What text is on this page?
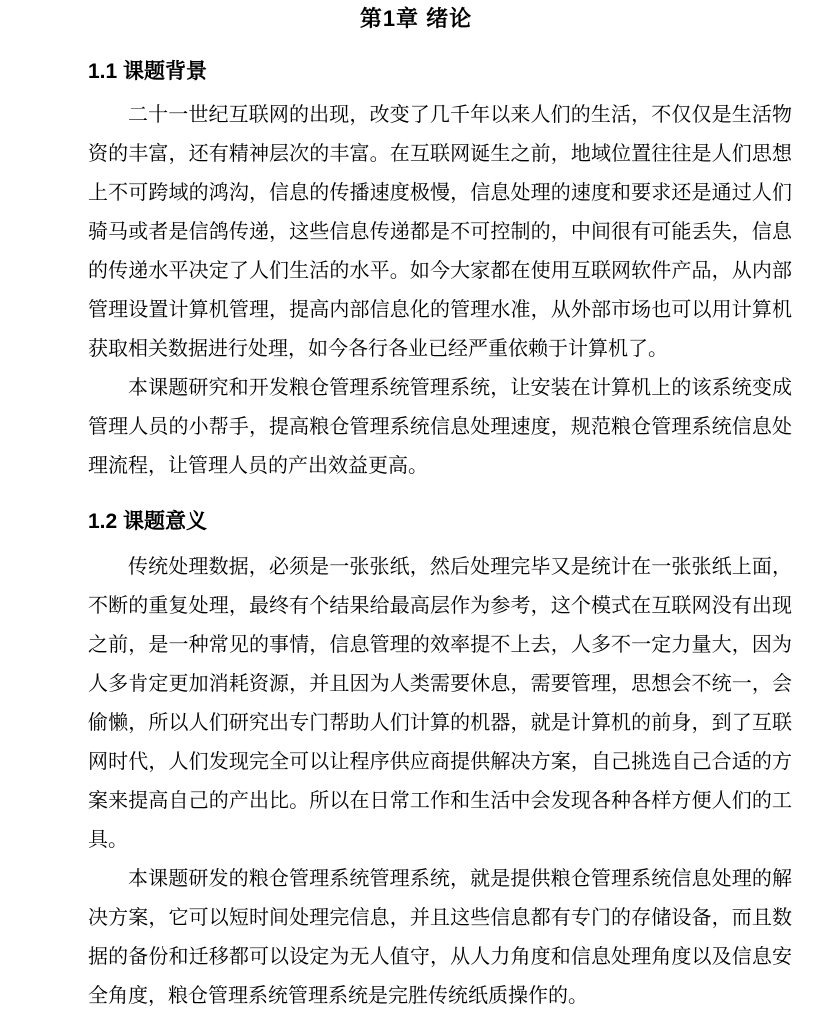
第1章 绪论
1.1 课题背景

二十一世纪互联网的出现，改变了几千年以来人们的生活，不仅仅是生活物资的丰富，还有精神层次的丰富。在互联网诞生之前，地域位置往往是人们思想上不可跨域的鸿沟，信息的传播速度极慢，信息处理的速度和要求还是通过人们骑马或者是信鸽传递，这些信息传递都是不可控制的，中间很有可能丢失，信息的传递水平决定了人们生活的水平。如今大家都在使用互联网软件产品，从内部管理设置计算机管理，提高内部信息化的管理水准，从外部市场也可以用计算机获取相关数据进行处理，如今各行各业已经严重依赖于计算机了。

本课题研究和开发粮仓管理系统管理系统，让安装在计算机上的该系统变成管理人员的小帮手，提高粮仓管理系统信息处理速度，规范粮仓管理系统信息处理流程，让管理人员的产出效益更高。

1.2 课题意义

传统处理数据，必须是一张张纸，然后处理完毕又是统计在一张张纸上面，不断的重复处理，最终有个结果给最高层作为参考，这个模式在互联网没有出现之前，是一种常见的事情，信息管理的效率提不上去，人多不一定力量大，因为人多肯定更加消耗资源，并且因为人类需要休息，需要管理，思想会不统一，会偷懒，所以人们研究出专门帮助人们计算的机器，就是计算机的前身，到了互联网时代，人们发现完全可以让程序供应商提供解决方案，自己挑选自己合适的方案来提高自己的产出比。所以在日常工作和生活中会发现各种各样方便人们的工具。

本课题研发的粮仓管理系统管理系统，就是提供粮仓管理系统信息处理的解决方案，它可以短时间处理完信息，并且这些信息都有专门的存储设备，而且数据的备份和迁移都可以设定为无人值守，从人力角度和信息处理角度以及信息安全角度，粮仓管理系统管理系统是完胜传统纸质操作的。
